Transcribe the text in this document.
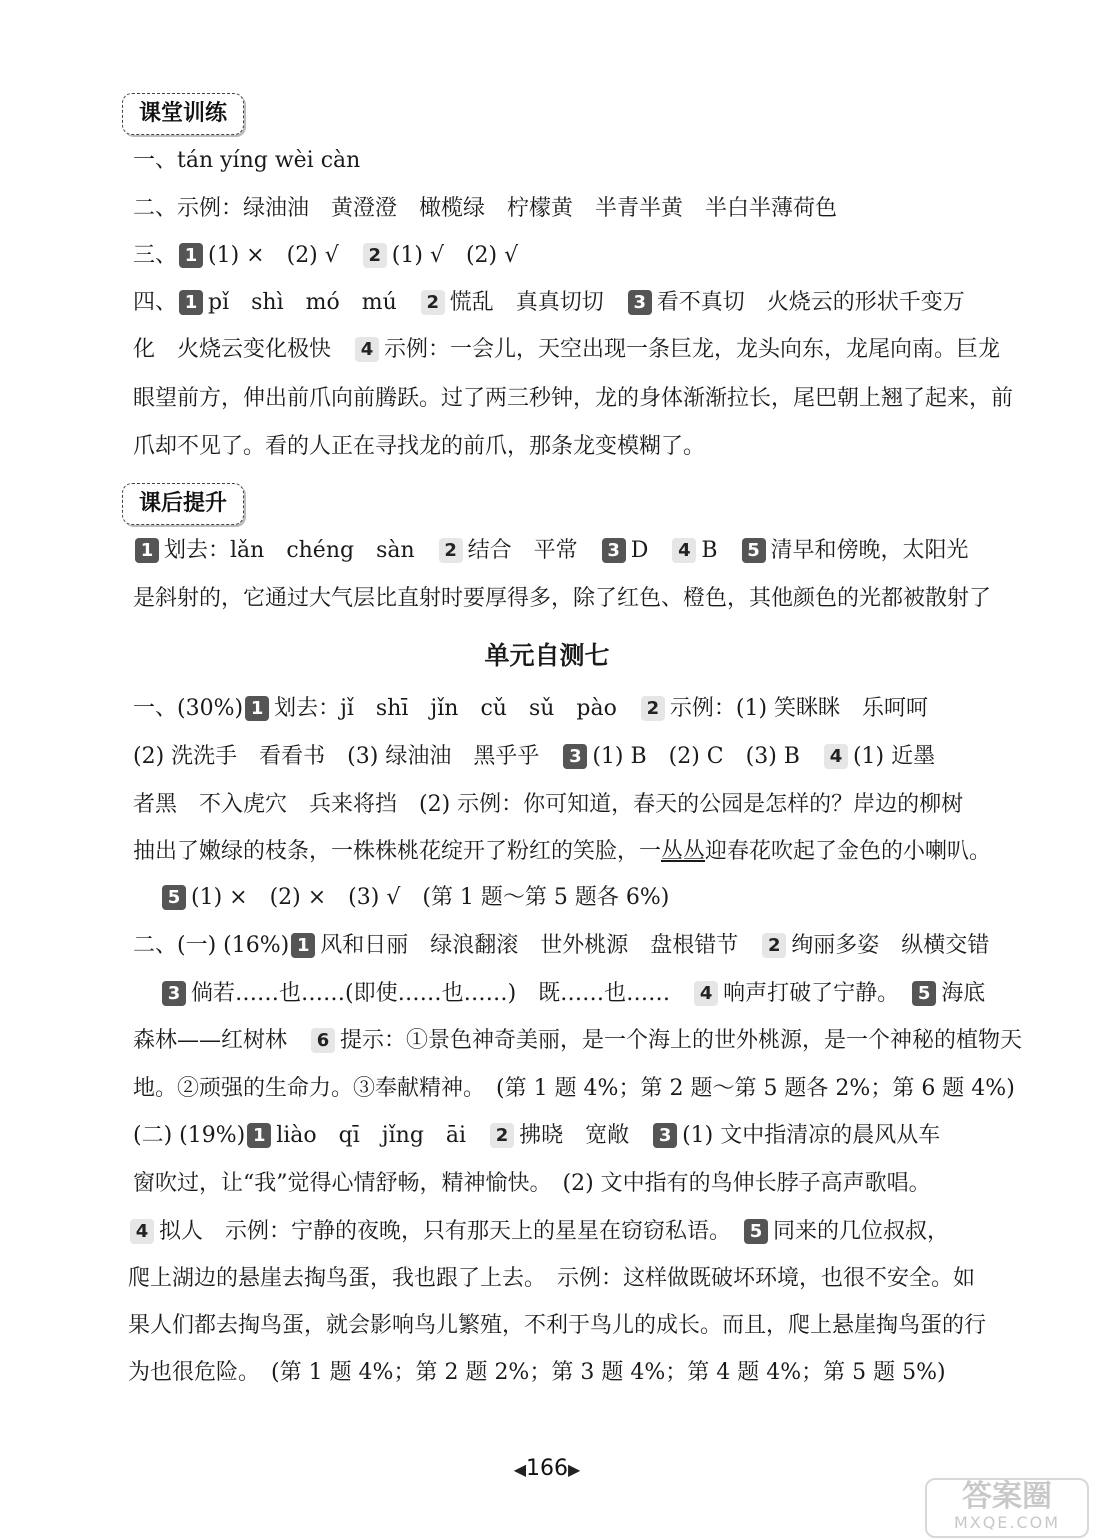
课堂训练
一、tán yíng wèi càn
二、示例：绿油油　黄澄澄　橄榄绿　柠檬黄　半青半黄　半白半薄荷色
三、 1 (1) ×　(2) √　2 (1) √　(2) √
四、 1 pǐ　shì　mó　mú　2 慌乱　真真切切　3 看不真切　火烧云的形状千变万
化　火烧云变化极快　4 示例：一会儿，天空出现一条巨龙，龙头向东，龙尾向南。巨龙
眼望前方，伸出前爪向前腾跃。过了两三秒钟，龙的身体渐渐拉长，尾巴朝上翘了起来，前
爪却不见了。看的人正在寻找龙的前爪，那条龙变模糊了。
课后提升
1 划去：lǎn　chéng　sàn　2 结合　平常　3 D　4 B　5 清早和傍晚，太阳光
是斜射的，它通过大气层比直射时要厚得多，除了红色、橙色，其他颜色的光都被散射了
单元自测七
一、(30%) 1 划去：jǐ　shī　jǐn　cǔ　sǔ　pào　2 示例：(1) 笑眯眯　乐呵呵
(2) 洗洗手　看看书　(3) 绿油油　黑乎乎　3 (1) B　(2) C　(3) B　4 (1) 近墨
者黑　不入虎穴　兵来将挡　(2) 示例：你可知道，春天的公园是怎样的？岸边的柳树
抽出了嫩绿的枝条，一株株桃花绽开了粉红的笑脸，一丛丛迎春花吹起了金色的小喇叭。
5 (1) ×　(2) ×　(3) √　(第 1 题～第 5 题各 6%)
二、(一) (16%) 1 风和日丽　绿浪翻滚　世外桃源　盘根错节　2 绚丽多姿　纵横交错
3 倘若……也……(即使……也……)　既……也……　4 响声打破了宁静。　5 海底
森林——红树林　6 提示：①景色神奇美丽，是一个海上的世外桃源，是一个神秘的植物天
地。②顽强的生命力。③奉献精神。　(第 1 题 4%；第 2 题～第 5 题各 2%；第 6 题 4%)
(二) (19%) 1 liào　qī　jǐng　āi　2 拂晓　宽敞　3 (1) 文中指清凉的晨风从车
窗吹过，让“我”觉得心情舒畅，精神愉快。　(2) 文中指有的鸟伸长脖子高声歌唱。
4 拟人　示例：宁静的夜晚，只有那天上的星星在窃窃私语。　5 同来的几位叔叔，
爬上湖边的悬崖去掏鸟蛋，我也跟了上去。　示例：这样做既破坏环境，也很不安全。如
果人们都去掏鸟蛋，就会影响鸟儿繁殖，不利于鸟儿的成长。而且，爬上悬崖掏鸟蛋的行
为也很危险。　(第 1 题 4%；第 2 题 2%；第 3 题 4%；第 4 题 4%；第 5 题 5%)
◀166▶
答案圈
MXQE.COM
